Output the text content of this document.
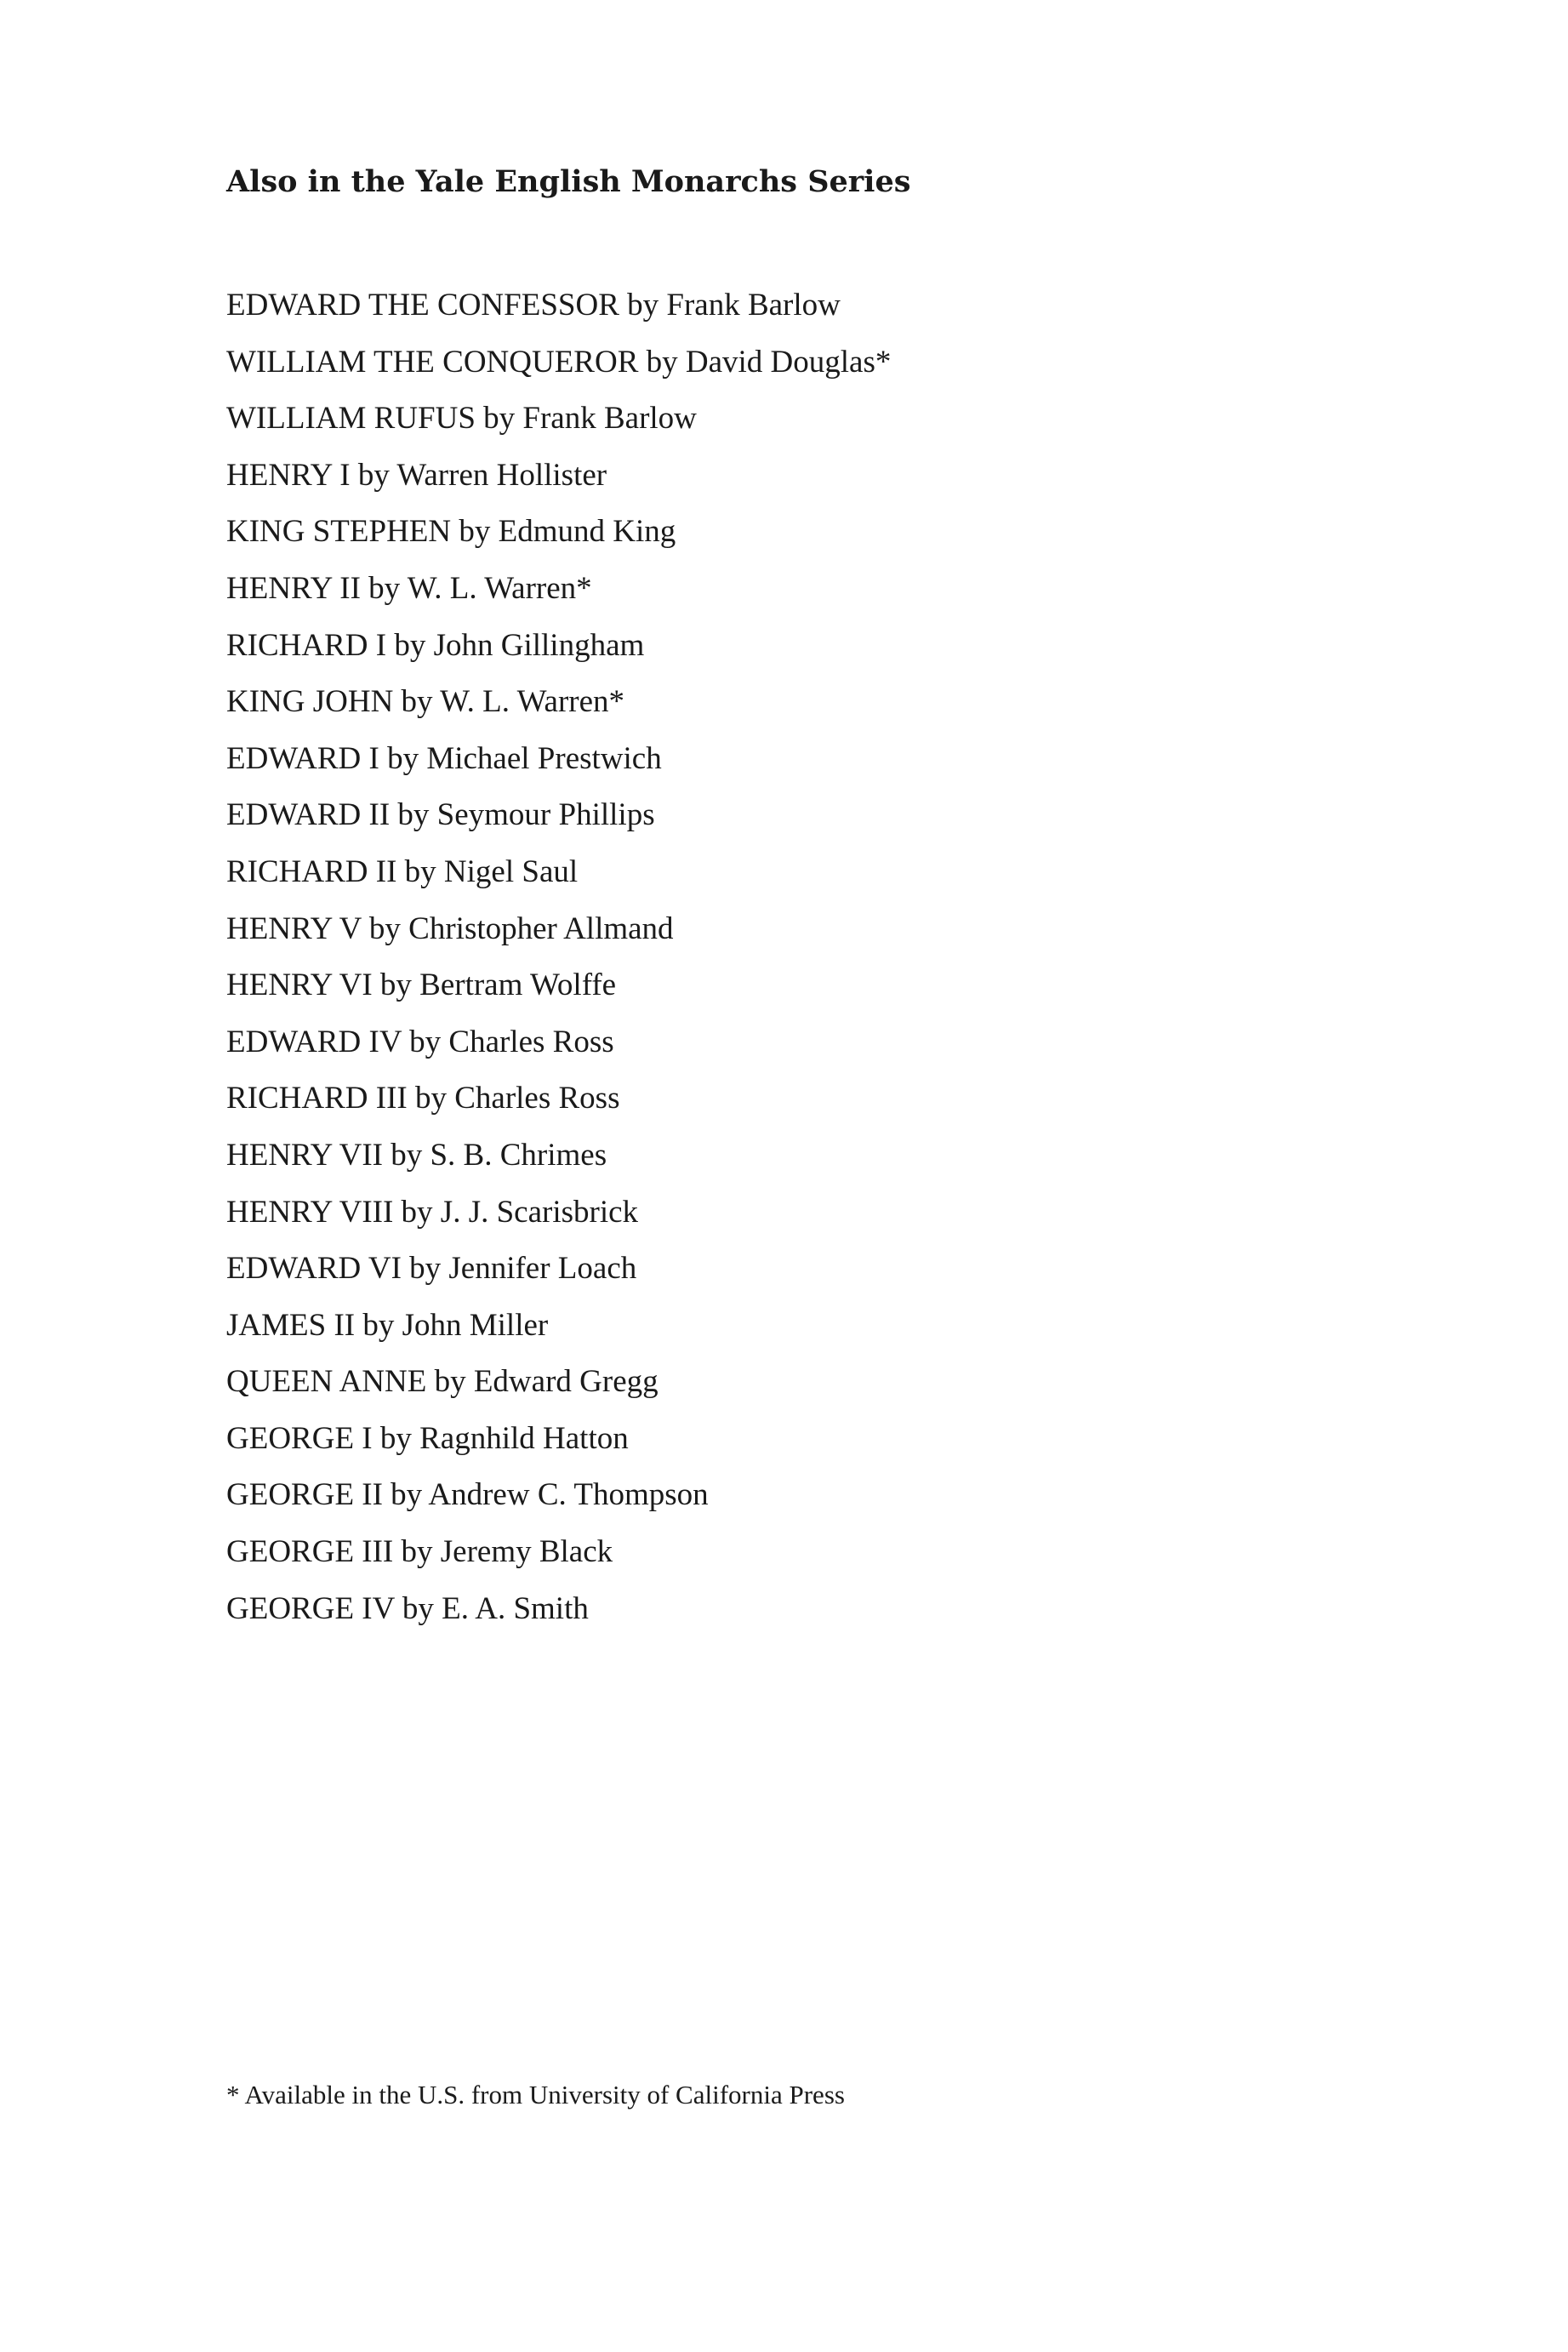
Also in the Yale English Monarchs Series
EDWARD THE CONFESSOR by Frank Barlow
WILLIAM THE CONQUEROR by David Douglas*
WILLIAM RUFUS by Frank Barlow
HENRY I by Warren Hollister
KING STEPHEN by Edmund King
HENRY II by W. L. Warren*
RICHARD I by John Gillingham
KING JOHN by W. L. Warren*
EDWARD I by Michael Prestwich
EDWARD II by Seymour Phillips
RICHARD II by Nigel Saul
HENRY V by Christopher Allmand
HENRY VI by Bertram Wolffe
EDWARD IV by Charles Ross
RICHARD III by Charles Ross
HENRY VII by S. B. Chrimes
HENRY VIII by J. J. Scarisbrick
EDWARD VI by Jennifer Loach
JAMES II by John Miller
QUEEN ANNE by Edward Gregg
GEORGE I by Ragnhild Hatton
GEORGE II by Andrew C. Thompson
GEORGE III by Jeremy Black
GEORGE IV by E. A. Smith

* Available in the U.S. from University of California Press
